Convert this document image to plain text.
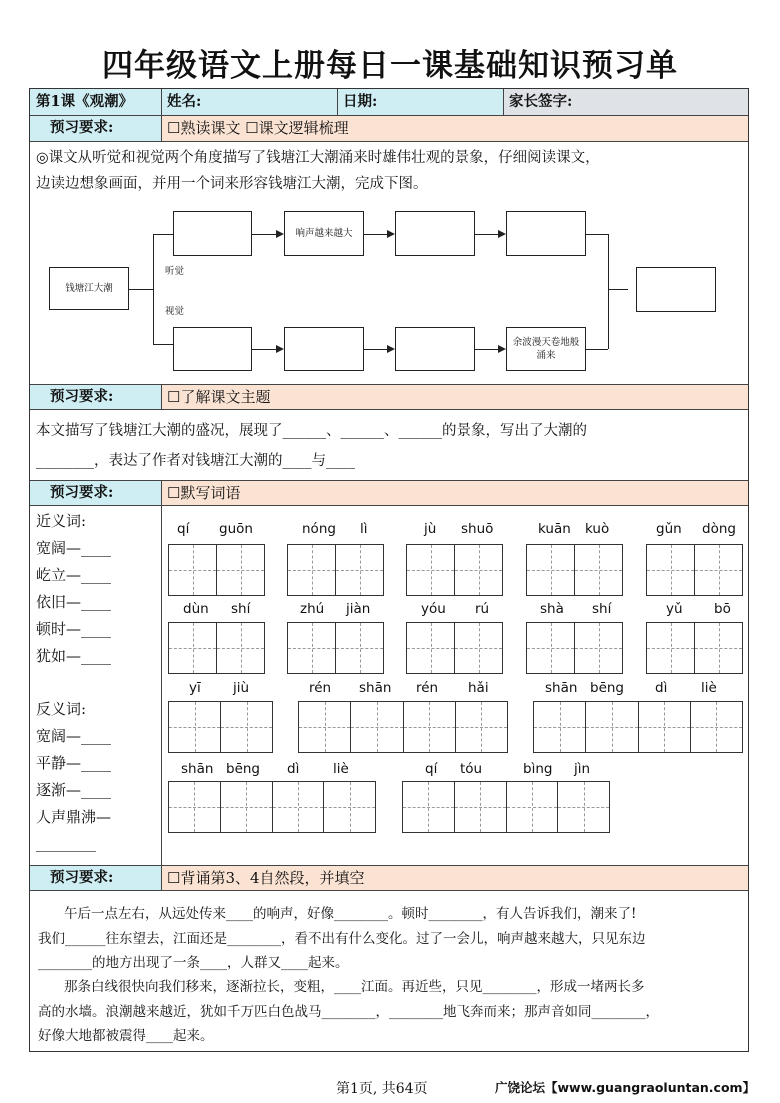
四年级语文上册每日一课基础知识预习单
第1课《观潮》 姓名:	日期:	家长签字:
预习要求:	☐熟读课文 ☐课文逻辑梳理
◎课文从听觉和视觉两个角度描写了钱塘江大潮涌来时雄伟壮观的景象，仔细阅读课文，
边读边想象画面，并用一个词来形容钱塘江大潮，完成下图。
钱塘江大潮
听觉
视觉
响声越来越大
余波漫天卷地般涌来
预习要求:	☐了解课文主题
本文描写了钱塘江大潮的盛况，展现了______、______、______的景象，写出了大潮的
________，表达了作者对钱塘江大潮的____与____
预习要求:	☐默写词语
近义词:
宽阔—____
屹立—____
依旧—____
顿时—____
犹如—____
反义词:
宽阔—____
平静—____
逐渐—____
人声鼎沸—
________
qí guōn	nóng lì	jù shuō	kuān kuò	gǔn dòng
dùn shí	zhú jiàn	yóu rú	shà shí	yǔ bō
yī jiù	rén shān rén hǎi	shān bēng dì liè
shān bēng dì liè	qí tóu	bìng jìn
预习要求:	☐背诵第3、4自然段，并填空
午后一点左右，从远处传来____的响声，好像________。顿时________，有人告诉我们，潮来了!
我们______往东望去，江面还是________，看不出有什么变化。过了一会儿，响声越来越大，只见东边
________的地方出现了一条____，人群又____起来。
那条白线很快向我们移来，逐渐拉长，变粗，____江面。再近些，只见________，形成一堵两长多
高的水墙。浪潮越来越近，犹如千万匹白色战马________，________地飞奔而来；那声音如同________，
好像大地都被震得____起来。
第1页, 共64页	广饶论坛【www.guangraoluntan.com】
